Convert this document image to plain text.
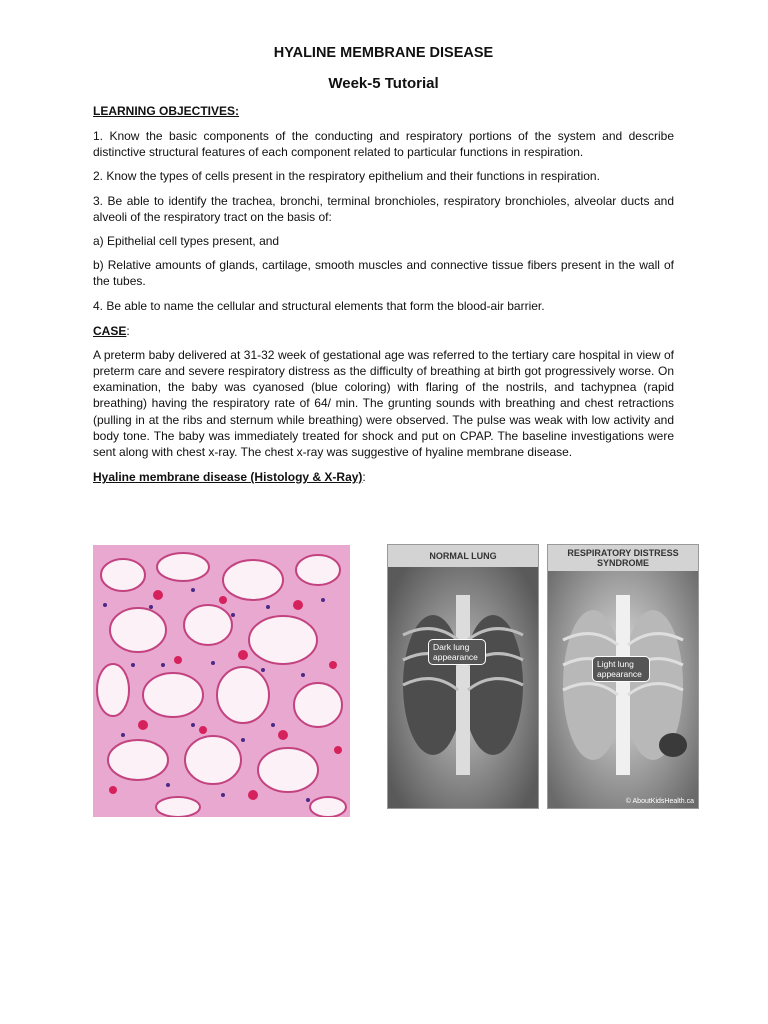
HYALINE MEMBRANE DISEASE
Week-5 Tutorial
LEARNING OBJECTIVES:

1. Know the basic components of the conducting and respiratory portions of the system and describe distinctive structural features of each component related to particular functions in respiration.

2. Know the types of cells present in the respiratory epithelium and their functions in respiration.

3. Be able to identify the trachea, bronchi, terminal bronchioles, respiratory bronchioles, alveolar ducts and alveoli of the respiratory tract on the basis of:

a) Epithelial cell types present, and

b) Relative amounts of glands, cartilage, smooth muscles and connective tissue fibers present in the wall of the tubes.

4. Be able to name the cellular and structural elements that form the blood-air barrier.

CASE:

A preterm baby delivered at 31-32 week of gestational age was referred to the tertiary care hospital in view of preterm care and severe respiratory distress as the difficulty of breathing at birth got progressively worse. On examination, the baby was cyanosed (blue coloring) with flaring of the nostrils, and tachypnea (rapid breathing) having the respiratory rate of 64/ min. The grunting sounds with breathing and chest retractions (pulling in at the ribs and sternum while breathing) were observed. The pulse was weak with low activity and body tone. The baby was immediately treated for shock and put on CPAP. The baseline investigations were sent along with chest x-ray. The chest x-ray was suggestive of hyaline membrane disease.

Hyaline membrane disease (Histology & X-Ray):
NORMAL LUNG
Dark lung appearance
RESPIRATORY DISTRESS SYNDROME
Light lung appearance
© AboutKidsHealth.ca
